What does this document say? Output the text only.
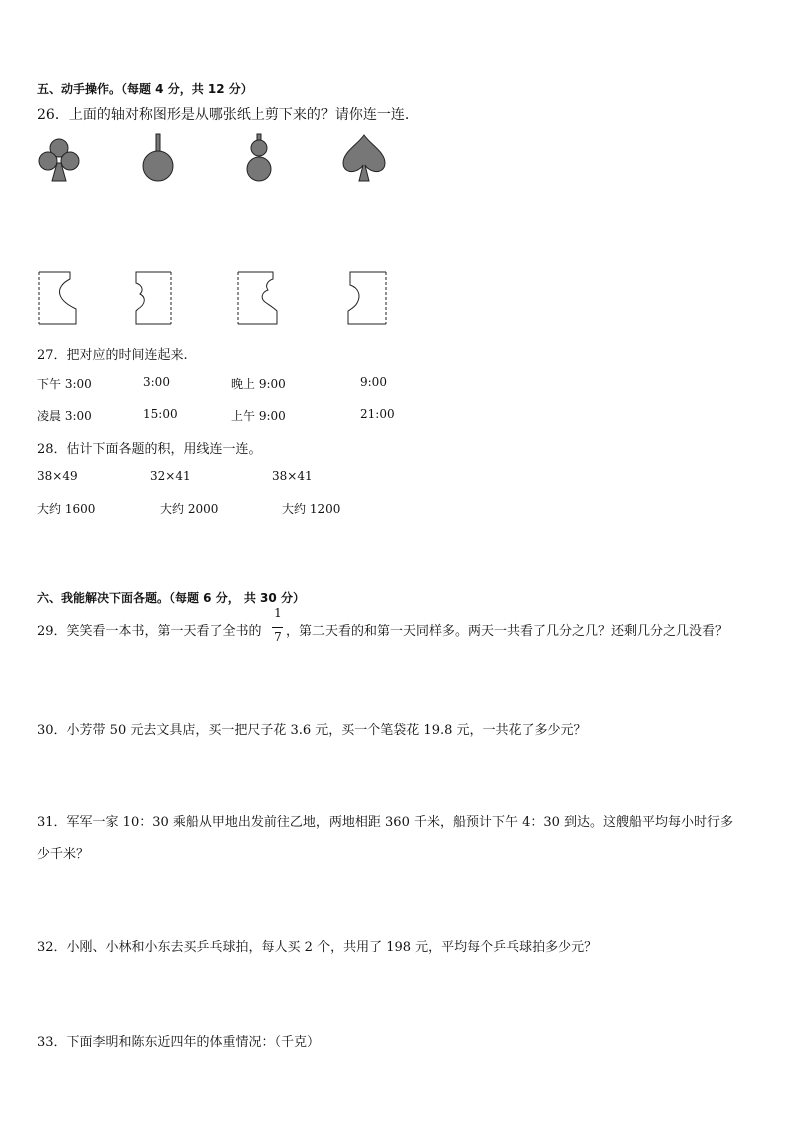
五、动手操作。（每题 4 分，共 12 分）
26．上面的轴对称图形是从哪张纸上剪下来的？请你连一连.
27．把对应的时间连起来.
下午 3:00	3:00	晚上 9:00	9:00
凌晨 3:00	15:00	上午 9:00	21:00
28．估计下面各题的积，用线连一连。
38×49	32×41	38×41
大约 1600	大约 2000	大约 1200
六、我能解决下面各题。（每题 6 分， 共 30 分）
29．笑笑看一本书，第一天看了全书的
1
7 ，第二天看的和第一天同样多。两天一共看了几分之几？还剩几分之几没看？
30．小芳带 50 元去文具店，买一把尺子花 3.6 元，买一个笔袋花 19.8 元，一共花了多少元？
31．军军一家 10：30 乘船从甲地出发前往乙地，两地相距 360 千米，船预计下午 4：30 到达。这艘船平均每小时行多
少千米？
32．小刚、小林和小东去买乒乓球拍，每人买 2 个，共用了 198 元，平均每个乒乓球拍多少元？
33．下面李明和陈东近四年的体重情况：（千克）
